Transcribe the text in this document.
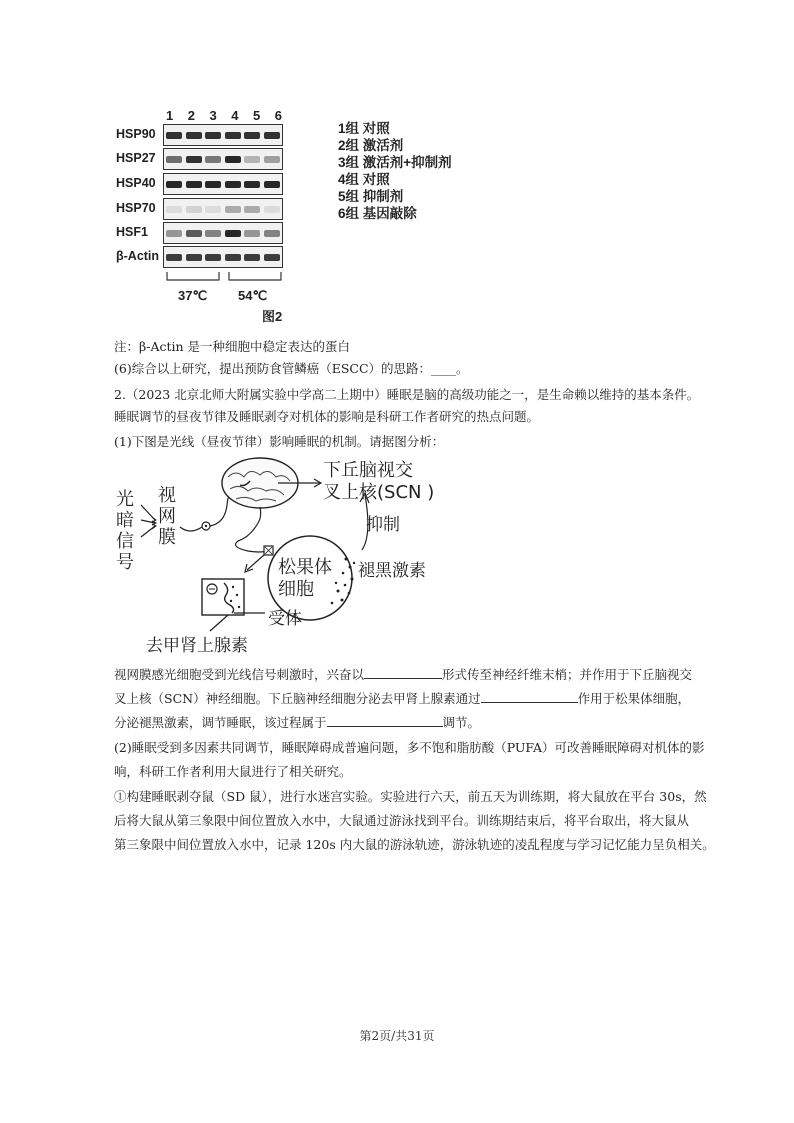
1 2 3 4 5 6
HSP90
HSP27
HSP40
HSP70
HSF1
β-Actin
37℃ 54℃
图2
1组 对照
2组 激活剂
3组 激活剂+抑制剂
4组 对照
5组 抑制剂
6组 基因敲除
注：β-Actin 是一种细胞中稳定表达的蛋白
(6)综合以上研究，提出预防食管鳞癌（ESCC）的思路：____。
2.（2023 北京北师大附属实验中学高二上期中）睡眠是脑的高级功能之一，是生命赖以维持的基本条件。
睡眠调节的昼夜节律及睡眠剥夺对机体的影响是科研工作者研究的热点问题。
(1)下图是光线（昼夜节律）影响睡眠的机制。请据图分析：
光
暗
信
号
视
网
膜
下丘脑视交
叉上核(SCN )
抑制
松果体
细胞
褪黑激素
受体
去甲肾上腺素
视网膜感光细胞受到光线信号刺激时，兴奋以	形式传至神经纤维末梢；并作用于下丘脑视交
叉上核（SCN）神经细胞。下丘脑神经细胞分泌去甲肾上腺素通过	作用于松果体细胞，
分泌褪黑激素，调节睡眠，该过程属于	调节。
(2)睡眠受到多因素共同调节，睡眠障碍成普遍问题，多不饱和脂肪酸（PUFA）可改善睡眠障碍对机体的影
响，科研工作者利用大鼠进行了相关研究。
①构建睡眠剥夺鼠（SD 鼠），进行水迷宫实验。实验进行六天，前五天为训练期，将大鼠放在平台 30s，然
后将大鼠从第三象限中间位置放入水中，大鼠通过游泳找到平台。训练期结束后，将平台取出，将大鼠从
第三象限中间位置放入水中，记录 120s 内大鼠的游泳轨迹，游泳轨迹的凌乱程度与学习记忆能力呈负相关。
第2页/共31页
